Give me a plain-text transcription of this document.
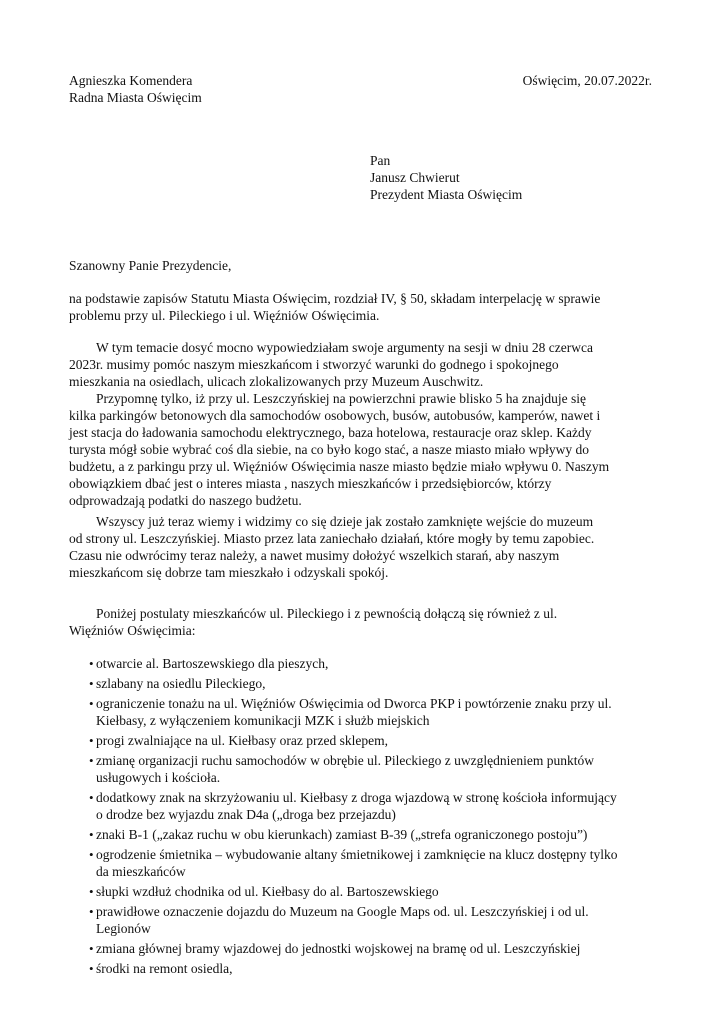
Agnieszka Komendera
Radna Miasta Oświęcim
Oświęcim, 20.07.2022r.
Pan
Janusz Chwierut
Prezydent Miasta Oświęcim
Szanowny Panie Prezydencie,
na podstawie zapisów Statutu Miasta Oświęcim, rozdział IV, § 50, składam interpelację w sprawie
problemu przy ul. Pileckiego i ul. Więźniów Oświęcimia.
W tym temacie dosyć mocno wypowiedziałam swoje argumenty na sesji w dniu 28 czerwca
2023r. musimy pomóc naszym mieszkańcom i stworzyć warunki do godnego i spokojnego
mieszkania na osiedlach, ulicach zlokalizowanych przy Muzeum Auschwitz.
Przypomnę tylko, iż przy ul. Leszczyńskiej na powierzchni prawie blisko 5 ha znajduje się
kilka parkingów betonowych dla samochodów osobowych, busów, autobusów, kamperów, nawet i
jest stacja do ładowania samochodu elektrycznego, baza hotelowa, restauracje oraz sklep. Każdy
turysta mógł sobie wybrać coś dla siebie, na co było kogo stać, a nasze miasto miało wpływy do
budżetu, a z parkingu przy ul. Więźniów Oświęcimia nasze miasto będzie miało wpływu 0. Naszym
obowiązkiem dbać jest o interes miasta , naszych mieszkańców i przedsiębiorców, którzy
odprowadzają podatki do naszego budżetu.
Wszyscy już teraz wiemy i widzimy co się dzieje jak zostało zamknięte wejście do muzeum
od strony ul. Leszczyńskiej. Miasto przez lata zaniechało działań, które mogły by temu zapobiec.
Czasu nie odwrócimy teraz należy, a nawet musimy dołożyć wszelkich starań, aby naszym
mieszkańcom się dobrze tam mieszkało i odzyskali spokój.
Poniżej postulaty mieszkańców ul. Pileckiego i z pewnością dołączą się również z ul.
Więźniów Oświęcimia:
• otwarcie al. Bartoszewskiego dla pieszych,
• szlabany na osiedlu Pileckiego,
• ograniczenie tonażu na ul. Więźniów Oświęcimia od Dworca PKP i powtórzenie znaku przy ul.
Kiełbasy, z wyłączeniem komunikacji MZK i służb miejskich
• progi zwalniające na ul. Kiełbasy oraz przed sklepem,
• zmianę organizacji ruchu samochodów w obrębie ul. Pileckiego z uwzględnieniem punktów
usługowych i kościoła.
• dodatkowy znak na skrzyżowaniu ul. Kiełbasy z droga wjazdową w stronę kościoła informujący
o drodze bez wyjazdu znak D4a („droga bez przejazdu)
• znaki B-1 („zakaz ruchu w obu kierunkach) zamiast B-39 („strefa ograniczonego postoju”)
• ogrodzenie śmietnika – wybudowanie altany śmietnikowej i zamknięcie na klucz dostępny tylko
da mieszkańców
• słupki wzdłuż chodnika od ul. Kiełbasy do al. Bartoszewskiego
• prawidłowe oznaczenie dojazdu do Muzeum na Google Maps od. ul. Leszczyńskiej i od ul.
Legionów
• zmiana głównej bramy wjazdowej do jednostki wojskowej na bramę od ul. Leszczyńskiej
• środki na remont osiedla,
